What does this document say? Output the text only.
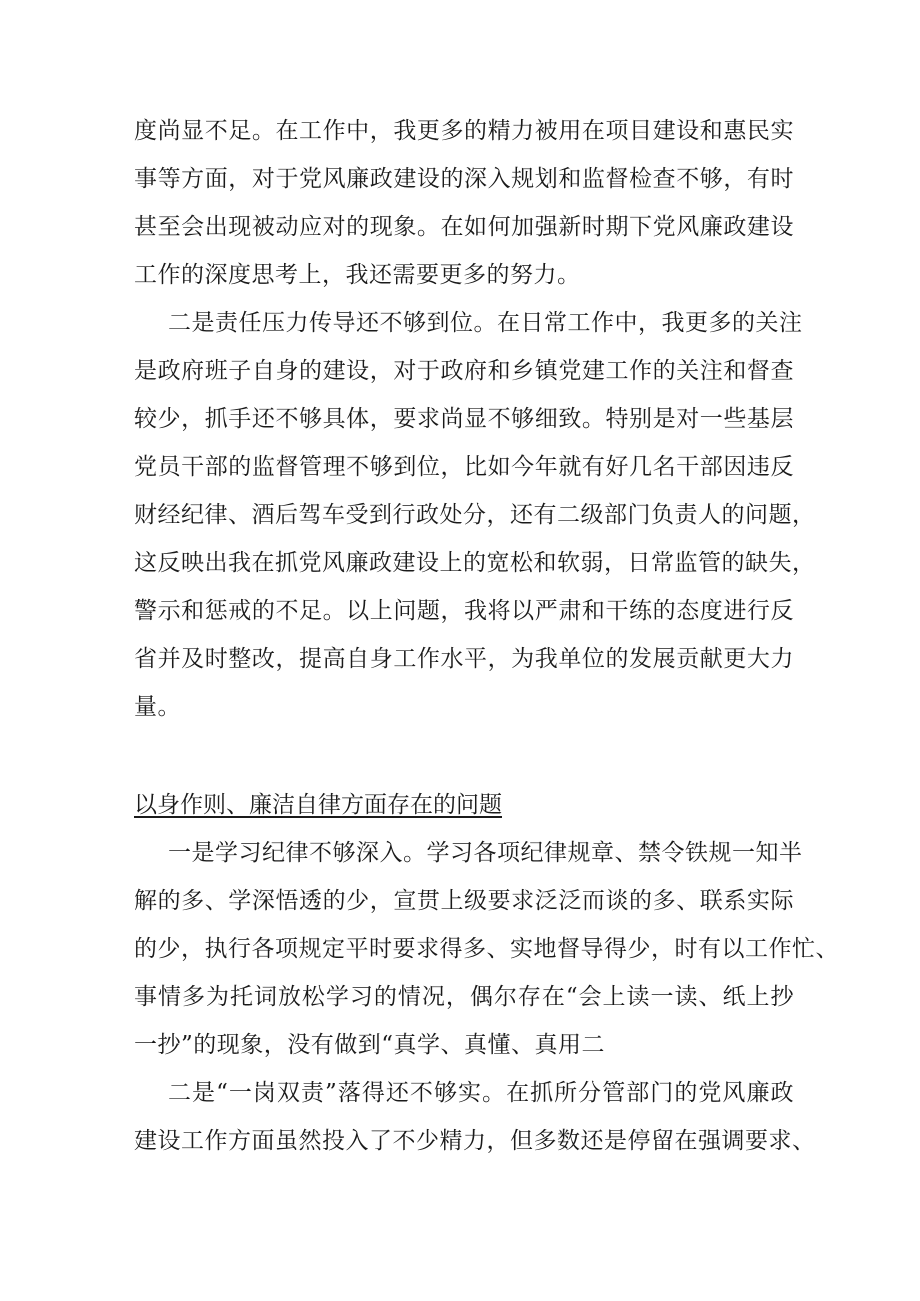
度尚显不足。在工作中，我更多的精力被用在项目建设和惠民实
事等方面，对于党风廉政建设的深入规划和监督检查不够，有时
甚至会出现被动应对的现象。在如何加强新时期下党风廉政建设
工作的深度思考上，我还需要更多的努力。
二是责任压力传导还不够到位。在日常工作中，我更多的关注
是政府班子自身的建设，对于政府和乡镇党建工作的关注和督查
较少，抓手还不够具体，要求尚显不够细致。特别是对一些基层
党员干部的监督管理不够到位，比如今年就有好几名干部因违反
财经纪律、酒后驾车受到行政处分，还有二级部门负责人的问题，
这反映出我在抓党风廉政建设上的宽松和软弱，日常监管的缺失，
警示和惩戒的不足。以上问题，我将以严肃和干练的态度进行反
省并及时整改，提高自身工作水平，为我单位的发展贡献更大力
量。
以身作则、廉洁自律方面存在的问题
一是学习纪律不够深入。学习各项纪律规章、禁令铁规一知半
解的多、学深悟透的少，宣贯上级要求泛泛而谈的多、联系实际
的少，执行各项规定平时要求得多、实地督导得少，时有以工作忙、
事情多为托词放松学习的情况，偶尔存在“会上读一读、纸上抄
一抄”的现象，没有做到“真学、真懂、真用二
二是“一岗双责”落得还不够实。在抓所分管部门的党风廉政
建设工作方面虽然投入了不少精力，但多数还是停留在强调要求、
